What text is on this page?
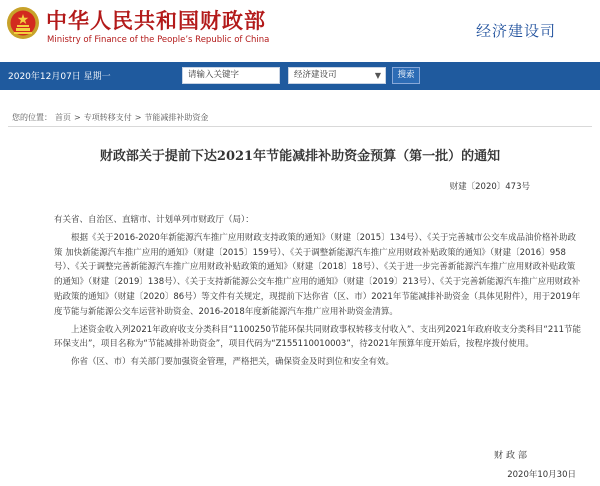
中华人民共和国财政部
Ministry of Finance of the People’s Republic of China	经济建设司
2020年12月07日 星期一	请输入关键字	经济建设司	▼	搜索
您的位置： 首页 > 专项转移支付 > 节能减排补助资金
财政部关于提前下达2021年节能减排补助资金预算（第一批）的通知
财建〔2020〕473号

有关省、自治区、直辖市、计划单列市财政厅（局）：

根据《关于2016-2020年新能源汽车推广应用财政支持政策的通知》（财建〔2015〕134号）、《关于完善城市公交车成品油价格补助政策 加快新能源汽车推广应用的通知》（财建〔2015〕159号）、《关于调整新能源汽车推广应用财政补贴政策的通知》（财建〔2016〕958号）、《关于调整完善新能源汽车推广应用财政补贴政策的通知》（财建〔2018〕18号）、《关于进一步完善新能源汽车推广应用财政补贴政策的通知》（财建〔2019〕138号）、《关于支持新能源公交车推广应用的通知》（财建〔2019〕213号）、《关于完善新能源汽车推广应用财政补贴政策的通知》（财建〔2020〕86号）等文件有关规定，现提前下达你省（区、市）2021年节能减排补助资金（具体见附件），用于2019年度节能与新能源公交车运营补助资金、2016-2018年度新能源汽车推广应用补助资金清算。

上述资金收入列2021年政府收支分类科目“1100250节能环保共同财政事权转移支付收入”、支出列2021年政府收支分类科目“211节能环保支出”，项目名称为“节能减排补助资金”，项目代码为“Z155110010003”，待2021年预算年度开始后，按程序拨付使用。

你省（区、市）有关部门要加强资金管理，严格把关，确保资金及时到位和安全有效。

财政部
2020年10月30日
